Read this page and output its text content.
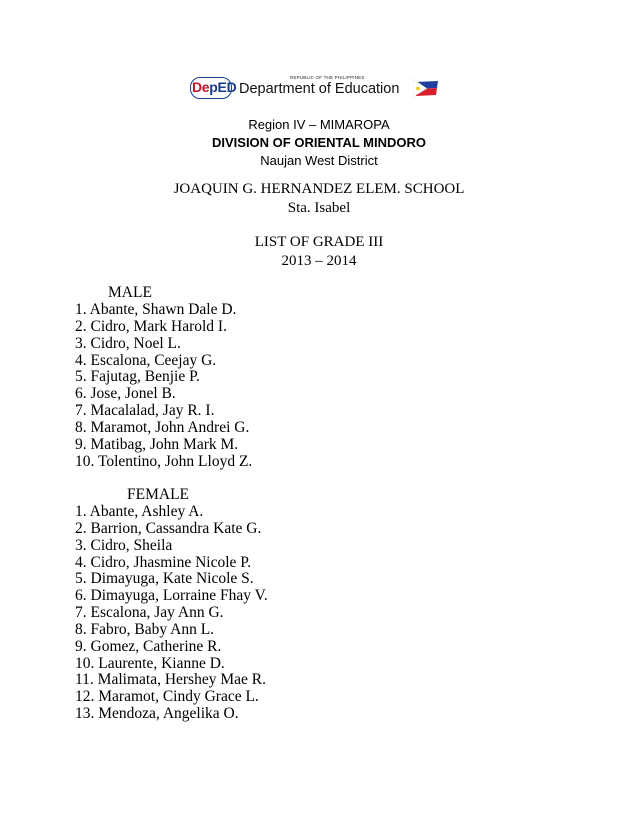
DepED
REPUBLIC OF THE PHILIPPINES
Department of Education
Region IV – MIMAROPA
DIVISION OF ORIENTAL MINDORO
Naujan West District
JOAQUIN G. HERNANDEZ ELEM. SCHOOL
Sta. Isabel
LIST OF GRADE III
2013 – 2014
MALE
1. Abante, Shawn Dale D.
2. Cidro, Mark Harold I.
3. Cidro, Noel L.
4. Escalona, Ceejay G.
5. Fajutag, Benjie P.
6. Jose, Jonel B.
7. Macalalad, Jay R. I.
8. Maramot, John Andrei G.
9. Matibag, John Mark M.
10. Tolentino, John Lloyd Z.
FEMALE
1. Abante, Ashley A.
2. Barrion, Cassandra Kate G.
3. Cidro, Sheila
4. Cidro, Jhasmine Nicole P.
5. Dimayuga, Kate Nicole S.
6. Dimayuga, Lorraine Fhay V.
7. Escalona, Jay Ann G.
8. Fabro, Baby Ann L.
9. Gomez, Catherine R.
10. Laurente, Kianne D.
11. Malimata, Hershey Mae R.
12. Maramot, Cindy Grace L.
13. Mendoza, Angelika O.
